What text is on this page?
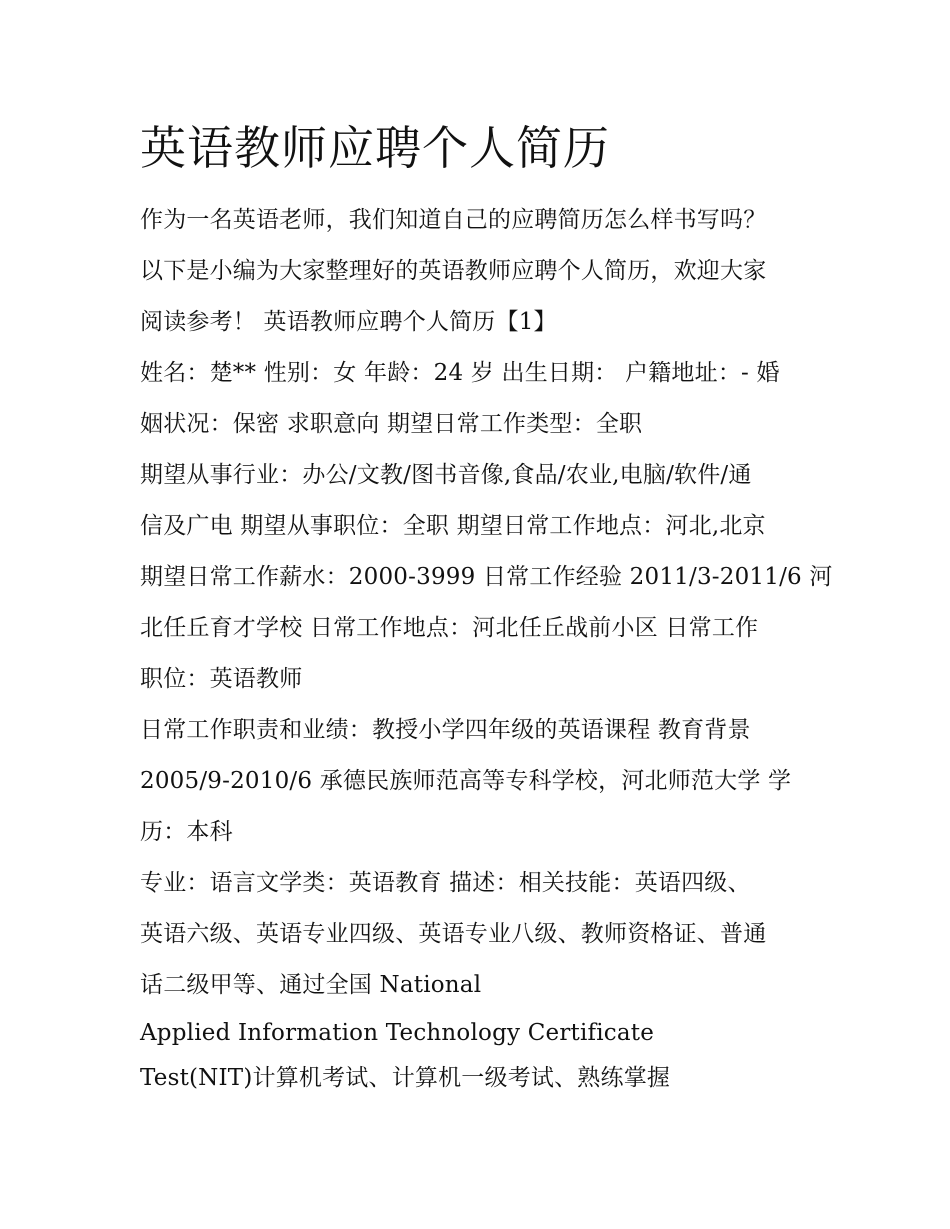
英语教师应聘个人简历
作为一名英语老师，我们知道自己的应聘简历怎么样书写吗？
以下是小编为大家整理好的英语教师应聘个人简历，欢迎大家
阅读参考！ 英语教师应聘个人简历【1】
姓名：楚** 性别：女 年龄：24 岁 出生日期： 户籍地址：- 婚
姻状况：保密 求职意向 期望日常工作类型：全职
期望从事行业：办公/文教/图书音像,食品/农业,电脑/软件/通
信及广电 期望从事职位：全职 期望日常工作地点：河北,北京
期望日常工作薪水：2000-3999 日常工作经验 2011/3-2011/6 河
北任丘育才学校 日常工作地点：河北任丘战前小区 日常工作
职位：英语教师
日常工作职责和业绩：教授小学四年级的英语课程 教育背景
2005/9-2010/6 承德民族师范高等专科学校，河北师范大学 学
历：本科
专业：语言文学类：英语教育 描述：相关技能：英语四级、
英语六级、英语专业四级、英语专业八级、教师资格证、普通
话二级甲等、通过全国 National
Applied Information Technology Certificate
Test(NIT)计算机考试、计算机一级考试、熟练掌握
